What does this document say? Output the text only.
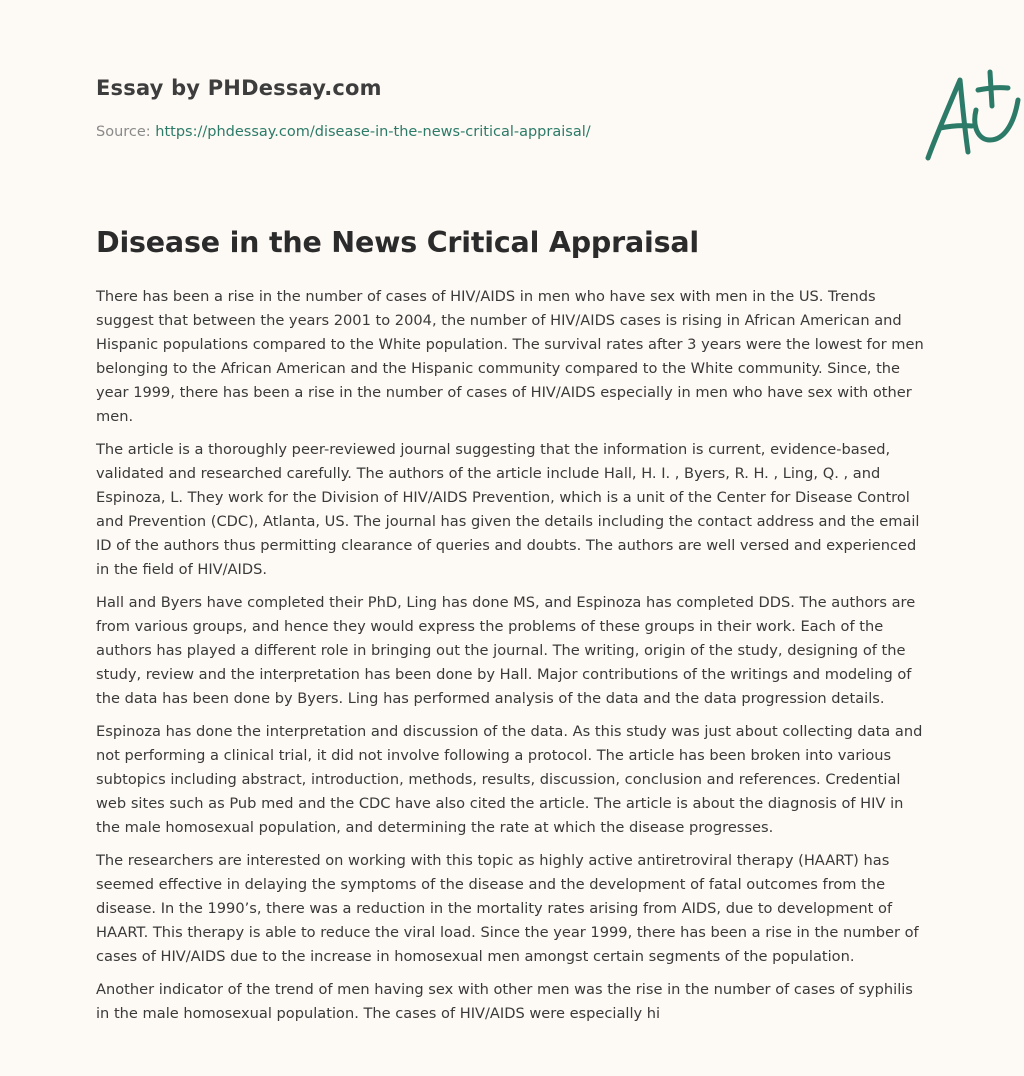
Essay by PHDessay.com
Source: https://phdessay.com/disease-in-the-news-critical-appraisal/
Disease in the News Critical Appraisal

There has been a rise in the number of cases of HIV/AIDS in men who have sex with men in the US. Trends suggest that between the years 2001 to 2004, the number of HIV/AIDS cases is rising in African American and Hispanic populations compared to the White population. The survival rates after 3 years were the lowest for men belonging to the African American and the Hispanic community compared to the White community. Since, the year 1999, there has been a rise in the number of cases of HIV/AIDS especially in men who have sex with other men.

The article is a thoroughly peer-reviewed journal suggesting that the information is current, evidence-based, validated and researched carefully. The authors of the article include Hall, H. I. , Byers, R. H. , Ling, Q. , and Espinoza, L. They work for the Division of HIV/AIDS Prevention, which is a unit of the Center for Disease Control and Prevention (CDC), Atlanta, US. The journal has given the details including the contact address and the email ID of the authors thus permitting clearance of queries and doubts. The authors are well versed and experienced in the field of HIV/AIDS.

Hall and Byers have completed their PhD, Ling has done MS, and Espinoza has completed DDS. The authors are from various groups, and hence they would express the problems of these groups in their work. Each of the authors has played a different role in bringing out the journal. The writing, origin of the study, designing of the study, review and the interpretation has been done by Hall. Major contributions of the writings and modeling of the data has been done by Byers. Ling has performed analysis of the data and the data progression details.

Espinoza has done the interpretation and discussion of the data. As this study was just about collecting data and not performing a clinical trial, it did not involve following a protocol. The article has been broken into various subtopics including abstract, introduction, methods, results, discussion, conclusion and references. Credential web sites such as Pub med and the CDC have also cited the article. The article is about the diagnosis of HIV in the male homosexual population, and determining the rate at which the disease progresses.

The researchers are interested on working with this topic as highly active antiretroviral therapy (HAART) has seemed effective in delaying the symptoms of the disease and the development of fatal outcomes from the disease. In the 1990’s, there was a reduction in the mortality rates arising from AIDS, due to development of HAART. This therapy is able to reduce the viral load. Since the year 1999, there has been a rise in the number of cases of HIV/AIDS due to the increase in homosexual men amongst certain segments of the population.

Another indicator of the trend of men having sex with other men was the rise in the number of cases of syphilis in the male homosexual population. The cases of HIV/AIDS were especially hi
